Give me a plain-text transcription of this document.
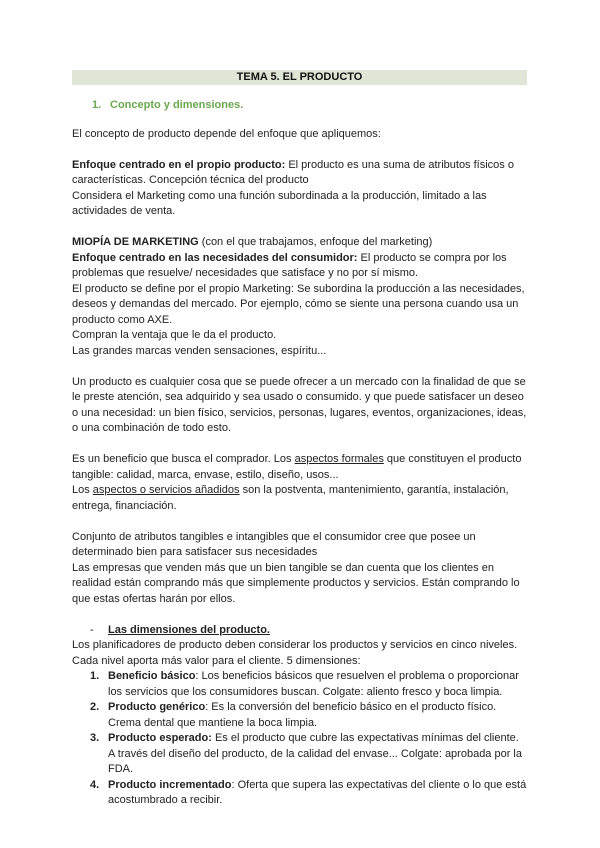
TEMA 5. EL PRODUCTO
1. Concepto y dimensiones.

El concepto de producto depende del enfoque que apliquemos:

Enfoque centrado en el propio producto: El producto es una suma de atributos físicos o características. Concepción técnica del producto

Considera el Marketing como una función subordinada a la producción, limitado a las actividades de venta.

MIOPÍA DE MARKETING (con el que trabajamos, enfoque del marketing)

Enfoque centrado en las necesidades del consumidor: El producto se compra por los problemas que resuelve/ necesidades que satisface y no por sí mismo.

El producto se define por el propio Marketing: Se subordina la producción a las necesidades, deseos y demandas del mercado. Por ejemplo, cómo se siente una persona cuando usa un producto como AXE.

Compran la ventaja que le da el producto.

Las grandes marcas venden sensaciones, espíritu...

Un producto es cualquier cosa que se puede ofrecer a un mercado con la finalidad de que se le preste atención, sea adquirido y sea usado o consumido. y que puede satisfacer un deseo o una necesidad: un bien físico, servicios, personas, lugares, eventos, organizaciones, ideas, o una combinación de todo esto.

Es un beneficio que busca el comprador. Los aspectos formales que constituyen el producto tangible: calidad, marca, envase, estilo, diseño, usos...

Los aspectos o servicios añadidos son la postventa, mantenimiento, garantía, instalación, entrega, financiación.

Conjunto de atributos tangibles e intangibles que el consumidor cree que posee un determinado bien para satisfacer sus necesidades

Las empresas que venden más que un bien tangible se dan cuenta que los clientes en realidad están comprando más que simplemente productos y servicios. Están comprando lo que estas ofertas harán por ellos.

- Las dimensiones del producto.

Los planificadores de producto deben considerar los productos y servicios en cinco niveles. Cada nivel aporta más valor para el cliente. 5 dimensiones:

1. Beneficio básico: Los beneficios básicos que resuelven el problema o proporcionar los servicios que los consumidores buscan. Colgate: aliento fresco y boca limpia.
2. Producto genérico: Es la conversión del beneficio básico en el producto físico. Crema dental que mantiene la boca limpia.
3. Producto esperado: Es el producto que cubre las expectativas mínimas del cliente. A través del diseño del producto, de la calidad del envase... Colgate: aprobada por la FDA.
4. Producto incrementado: Oferta que supera las expectativas del cliente o lo que está acostumbrado a recibir.
